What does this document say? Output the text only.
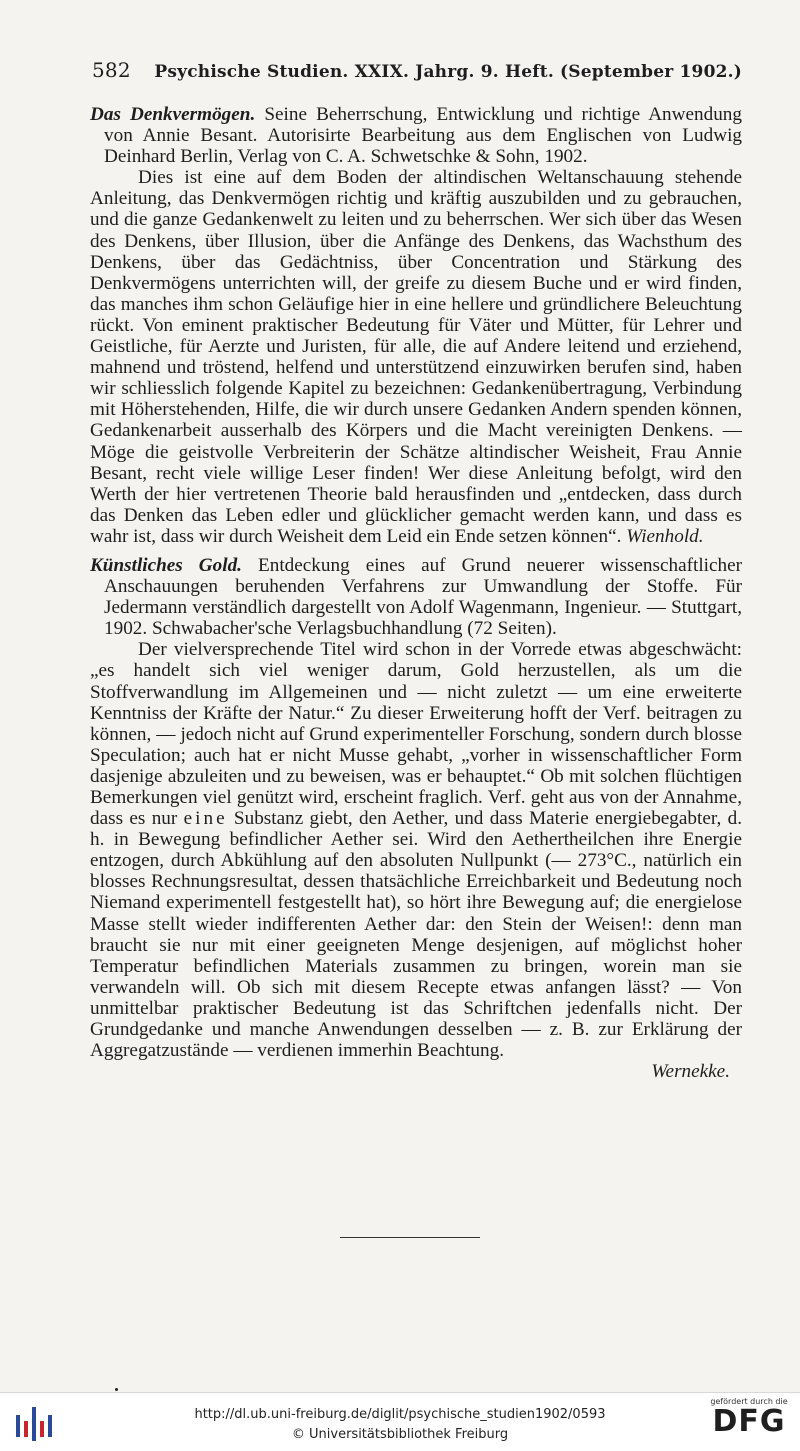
582 Psychische Studien. XXIX. Jahrg. 9. Heft. (September 1902.)

Das Denkvermögen. Seine Beherrschung, Entwicklung und richtige Anwendung von Annie Besant. Autorisirte Bearbeitung aus dem Englischen von Ludwig Deinhard Berlin, Verlag von C. A. Schwetschke & Sohn, 1902.

Dies ist eine auf dem Boden der altindischen Weltanschauung stehende Anleitung, das Denkvermögen richtig und kräftig auszubilden und zu gebrauchen, und die ganze Gedankenwelt zu leiten und zu beherrschen. Wer sich über das Wesen des Denkens, über Illusion, über die Anfänge des Denkens, das Wachsthum des Denkens, über das Gedächtniss, über Concentration und Stärkung des Denkvermögens unterrichten will, der greife zu diesem Buche und er wird finden, das manches ihm schon Geläufige hier in eine hellere und gründlichere Beleuchtung rückt. Von eminent praktischer Bedeutung für Väter und Mütter, für Lehrer und Geistliche, für Aerzte und Juristen, für alle, die auf Andere leitend und erziehend, mahnend und tröstend, helfend und unterstützend einzuwirken berufen sind, haben wir schliesslich folgende Kapitel zu bezeichnen: Gedankenübertragung, Verbindung mit Höherstehenden, Hilfe, die wir durch unsere Gedanken Andern spenden können, Gedankenarbeit ausserhalb des Körpers und die Macht vereinigten Denkens. — Möge die geistvolle Verbreiterin der Schätze altindischer Weisheit, Frau Annie Besant, recht viele willige Leser finden! Wer diese Anleitung befolgt, wird den Werth der hier vertretenen Theorie bald herausfinden und „entdecken, dass durch das Denken das Leben edler und glücklicher gemacht werden kann, und dass es wahr ist, dass wir durch Weisheit dem Leid ein Ende setzen können“. Wienhold.

Künstliches Gold. Entdeckung eines auf Grund neuerer wissenschaftlicher Anschauungen beruhenden Verfahrens zur Umwandlung der Stoffe. Für Jedermann verständlich dargestellt von Adolf Wagenmann, Ingenieur. — Stuttgart, 1902. Schwabacher'sche Verlagsbuchhandlung (72 Seiten).

Der vielversprechende Titel wird schon in der Vorrede etwas abgeschwächt: „es handelt sich viel weniger darum, Gold herzustellen, als um die Stoffverwandlung im Allgemeinen und — nicht zuletzt — um eine erweiterte Kenntniss der Kräfte der Natur.“ Zu dieser Erweiterung hofft der Verf. beitragen zu können, — jedoch nicht auf Grund experimenteller Forschung, sondern durch blosse Speculation; auch hat er nicht Musse gehabt, „vorher in wissenschaftlicher Form dasjenige abzuleiten und zu beweisen, was er behauptet.“ Ob mit solchen flüchtigen Bemerkungen viel genützt wird, erscheint fraglich. Verf. geht aus von der Annahme, dass es nur eine Substanz giebt, den Aether, und dass Materie energiebegabter, d. h. in Bewegung befindlicher Aether sei. Wird den Aethertheilchen ihre Energie entzogen, durch Abkühlung auf den absoluten Nullpunkt (— 273°C., natürlich ein blosses Rechnungsresultat, dessen thatsächliche Erreichbarkeit und Bedeutung noch Niemand experimentell festgestellt hat), so hört ihre Bewegung auf; die energielose Masse stellt wieder indifferenten Aether dar: den Stein der Weisen!: denn man braucht sie nur mit einer geeigneten Menge desjenigen, auf möglichst hoher Temperatur befindlichen Materials zusammen zu bringen, worein man sie verwandeln will. Ob sich mit diesem Recepte etwas anfangen lässt? — Von unmittelbar praktischer Bedeutung ist das Schriftchen jedenfalls nicht. Der Grundgedanke und manche Anwendungen desselben — z. B. zur Erklärung der Aggregatzustände — verdienen immerhin Beachtung.

Wernekke.

http://dl.ub.uni-freiburg.de/diglit/psychische_studien1902/0593
© Universitätsbibliothek Freiburg
gefördert durch die
DFG
